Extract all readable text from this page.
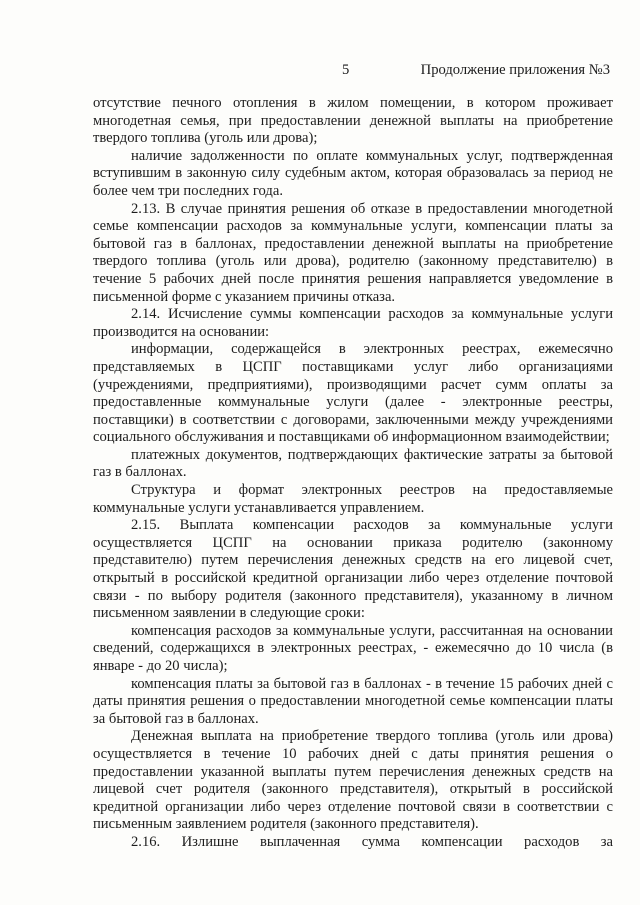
5	Продолжение приложения №3

отсутствие печного отопления в жилом помещении, в котором проживает многодетная семья, при предоставлении денежной выплаты на приобретение твердого топлива (уголь или дрова);

наличие задолженности по оплате коммунальных услуг, подтвержденная вступившим в законную силу судебным актом, которая образовалась за период не более чем три последних года.

2.13. В случае принятия решения об отказе в предоставлении многодетной семье компенсации расходов за коммунальные услуги, компенсации платы за бытовой газ в баллонах, предоставлении денежной выплаты на приобретение твердого топлива (уголь или дрова), родителю (законному представителю) в течение 5 рабочих дней после принятия решения направляется уведомление в письменной форме с указанием причины отказа.

2.14. Исчисление суммы компенсации расходов за коммунальные услуги производится на основании:

информации, содержащейся в электронных реестрах, ежемесячно представляемых в ЦСПГ поставщиками услуг либо организациями (учреждениями, предприятиями), производящими расчет сумм оплаты за предоставленные коммунальные услуги (далее - электронные реестры, поставщики) в соответствии с договорами, заключенными между учреждениями социального обслуживания и поставщиками об информационном взаимодействии;

платежных документов, подтверждающих фактические затраты за бытовой газ в баллонах.

Структура и формат электронных реестров на предоставляемые коммунальные услуги устанавливается управлением.

2.15. Выплата компенсации расходов за коммунальные услуги осуществляется ЦСПГ на основании приказа родителю (законному представителю) путем перечисления денежных средств на его лицевой счет, открытый в российской кредитной организации либо через отделение почтовой связи - по выбору родителя (законного представителя), указанному в личном письменном заявлении в следующие сроки:

компенсация расходов за коммунальные услуги, рассчитанная на основании сведений, содержащихся в электронных реестрах, - ежемесячно до 10 числа (в январе - до 20 числа);

компенсация платы за бытовой газ в баллонах - в течение 15 рабочих дней с даты принятия решения о предоставлении многодетной семье компенсации платы за бытовой газ в баллонах.

Денежная выплата на приобретение твердого топлива (уголь или дрова) осуществляется в течение 10 рабочих дней с даты принятия решения о предоставлении указанной выплаты путем перечисления денежных средств на лицевой счет родителя (законного представителя), открытый в российской кредитной организации либо через отделение почтовой связи в соответствии с письменным заявлением родителя (законного представителя).

2.16. Излишне выплаченная сумма компенсации расходов за
